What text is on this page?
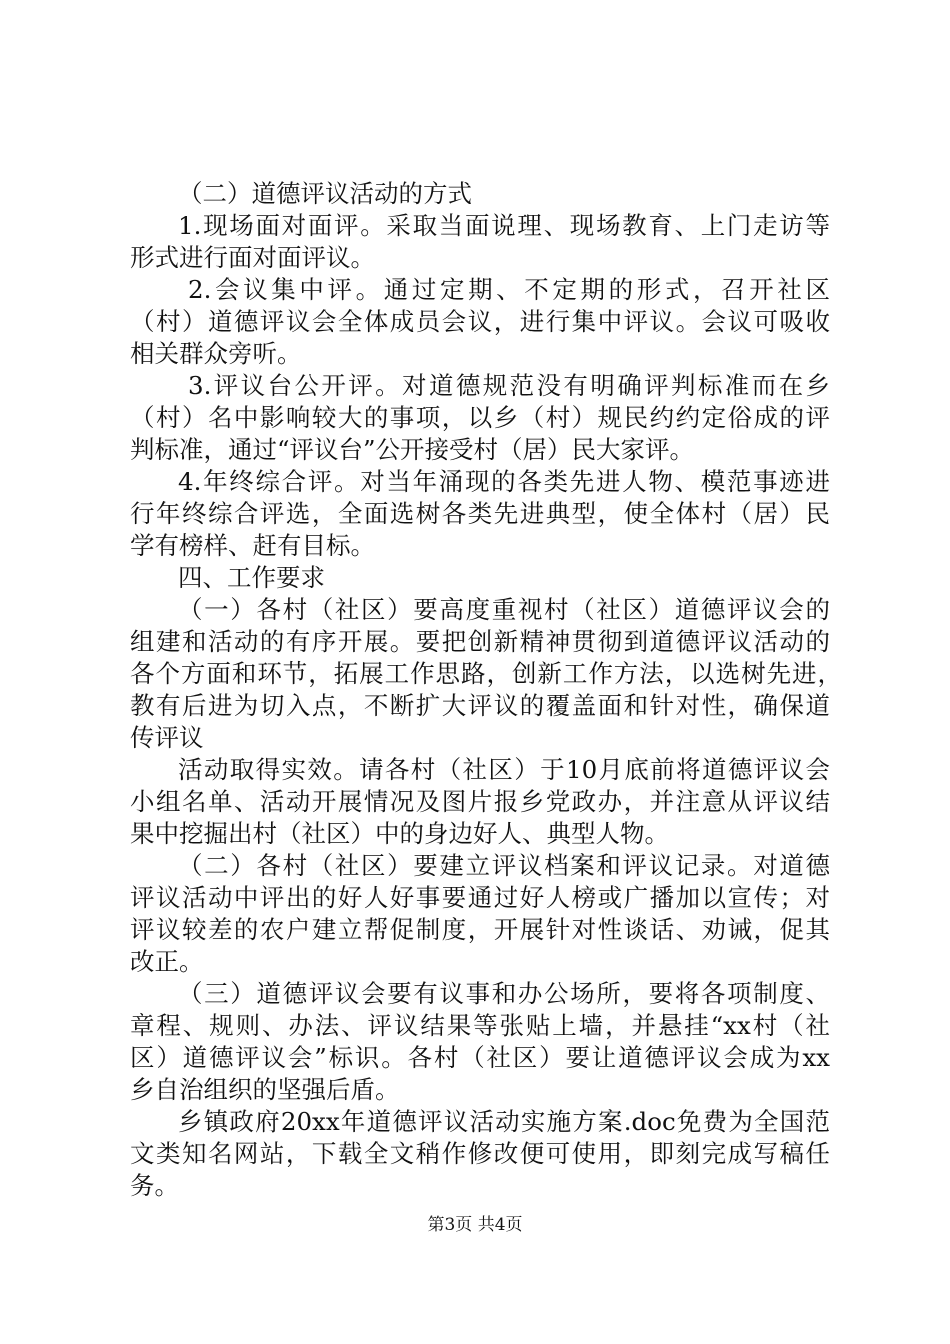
（二）道德评议活动的方式
1.现场面对面评。采取当面说理、现场教育、上门走访等
形式进行面对面评议。
2.会议集中评。通过定期、不定期的形式，召开社区
（村）道德评议会全体成员会议，进行集中评议。会议可吸收
相关群众旁听。
3.评议台公开评。对道德规范没有明确评判标准而在乡
（村）名中影响较大的事项，以乡（村）规民约约定俗成的评
判标准，通过“评议台”公开接受村（居）民大家评。
4.年终综合评。对当年涌现的各类先进人物、模范事迹进
行年终综合评选，全面选树各类先进典型，使全体村（居）民
学有榜样、赶有目标。
四、工作要求
（一）各村（社区）要高度重视村（社区）道德评议会的
组建和活动的有序开展。要把创新精神贯彻到道德评议活动的
各个方面和环节，拓展工作思路，创新工作方法，以选树先进，
教有后进为切入点，不断扩大评议的覆盖面和针对性，确保道
传评议
活动取得实效。请各村（社区）于10月底前将道德评议会
小组名单、活动开展情况及图片报乡党政办，并注意从评议结
果中挖掘出村（社区）中的身边好人、典型人物。
（二）各村（社区）要建立评议档案和评议记录。对道德
评议活动中评出的好人好事要通过好人榜或广播加以宣传；对
评议较差的农户建立帮促制度，开展针对性谈话、劝诫，促其
改正。
（三）道德评议会要有议事和办公场所，要将各项制度、
章程、规则、办法、评议结果等张贴上墙，并悬挂“xx村（社
区）道德评议会”标识。各村（社区）要让道德评议会成为xx
乡自治组织的坚强后盾。
乡镇政府20xx年道德评议活动实施方案.doc免费为全国范
文类知名网站，下载全文稍作修改便可使用，即刻完成写稿任
务。
第3页 共4页
